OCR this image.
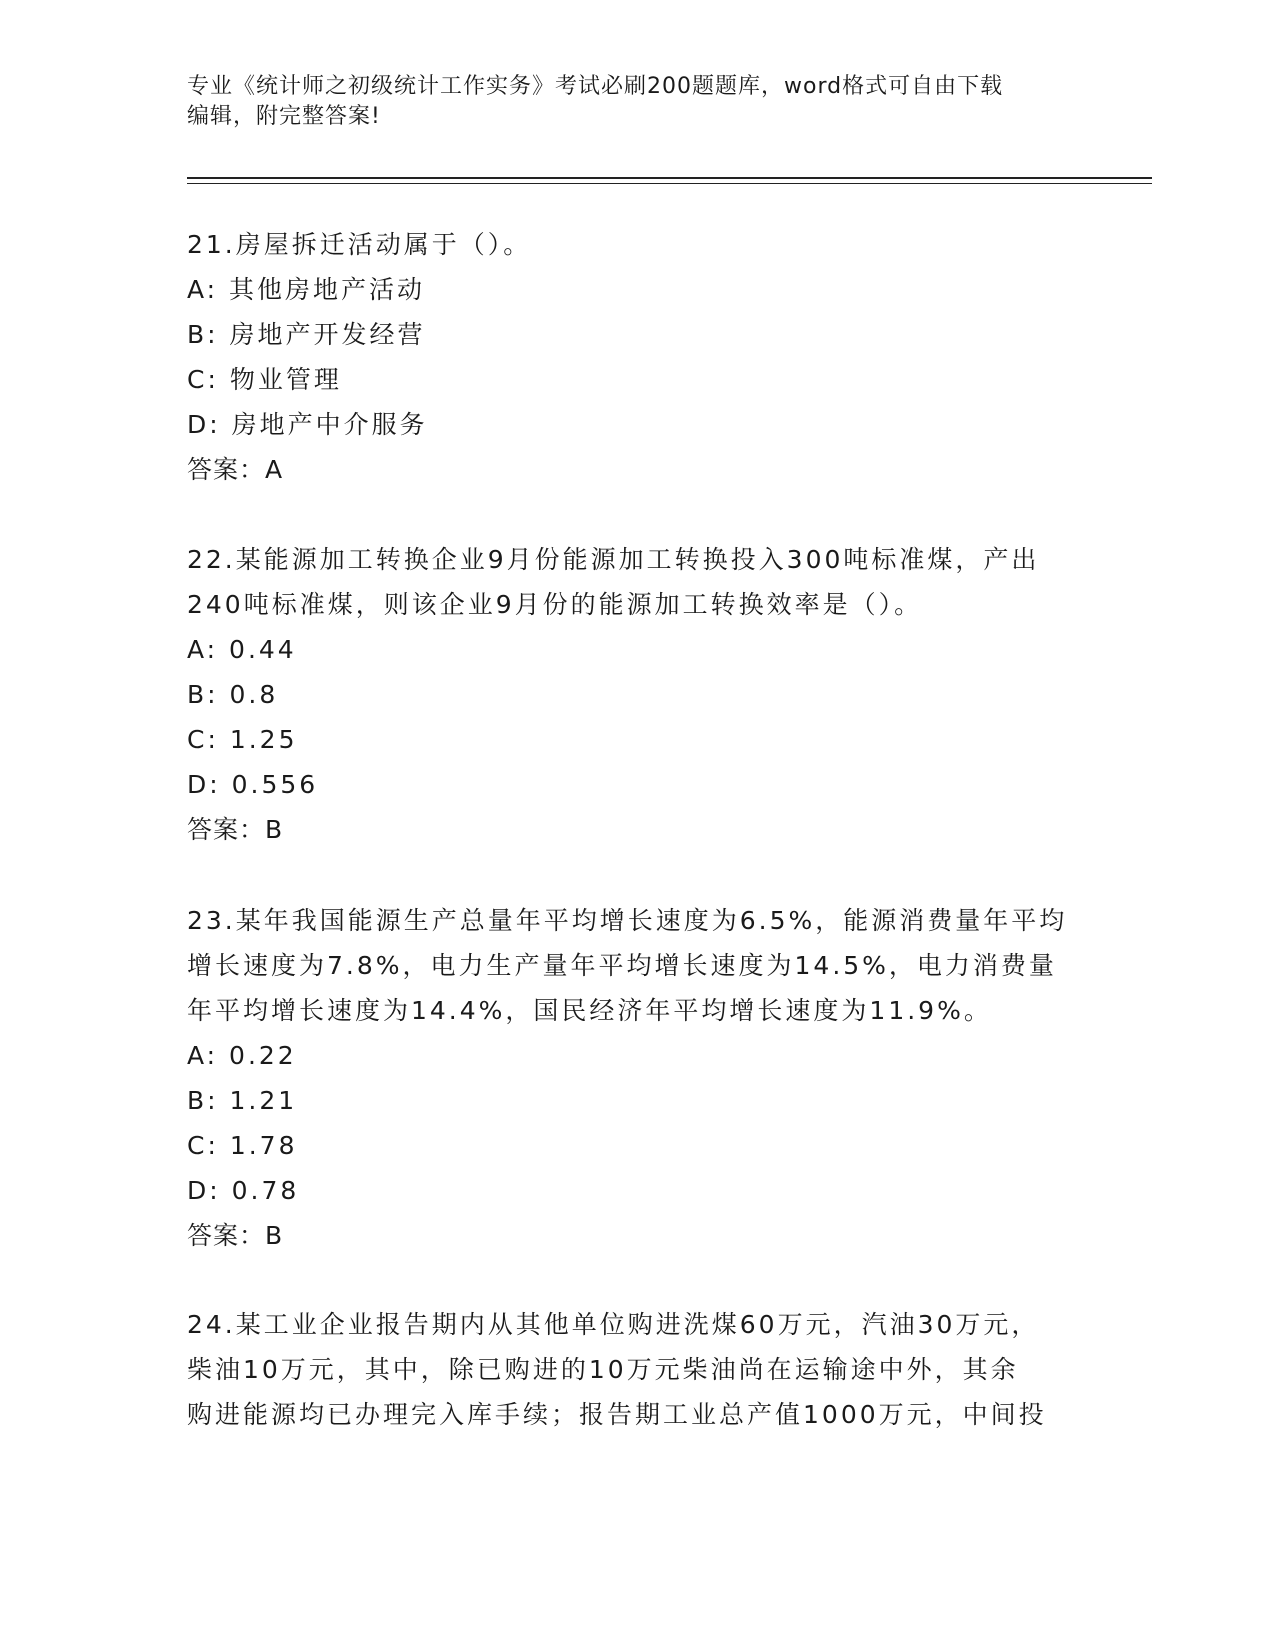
专业《统计师之初级统计工作实务》考试必刷200题题库，word格式可自由下载
编辑，附完整答案!

21.房屋拆迁活动属于（）。

A: 其他房地产活动

B: 房地产开发经营

C: 物业管理

D: 房地产中介服务

答案：A

22.某能源加工转换企业9月份能源加工转换投入300吨标准煤，产出

240吨标准煤，则该企业9月份的能源加工转换效率是（）。

A: 0.44

B: 0.8

C: 1.25

D: 0.556

答案：B

23.某年我国能源生产总量年平均增长速度为6.5%，能源消费量年平均

增长速度为7.8%，电力生产量年平均增长速度为14.5%，电力消费量

年平均增长速度为14.4%，国民经济年平均增长速度为11.9%。

A: 0.22

B: 1.21

C: 1.78

D: 0.78

答案：B

24.某工业企业报告期内从其他单位购进洗煤60万元，汽油30万元，

柴油10万元，其中，除已购进的10万元柴油尚在运输途中外，其余

购进能源均已办理完入库手续；报告期工业总产值1000万元，中间投
